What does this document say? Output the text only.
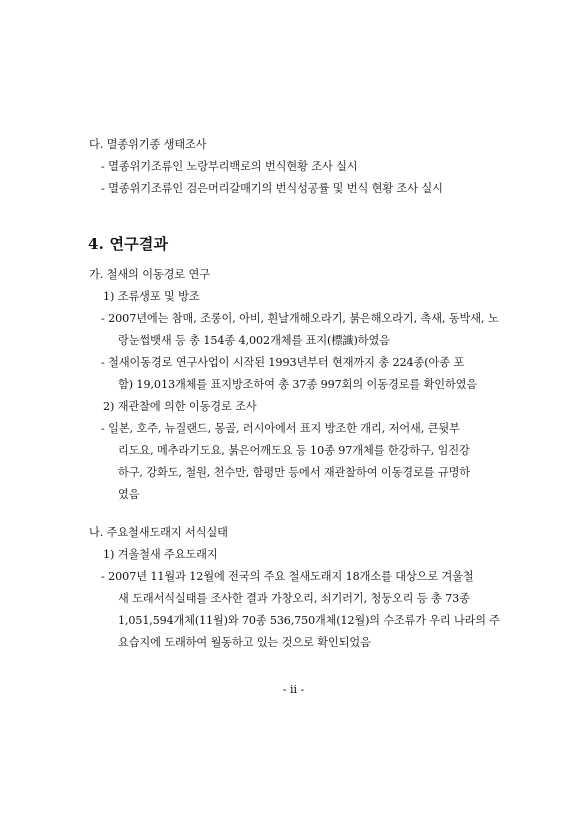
다. 멸종위기종 생태조사
- 멸종위기조류인 노랑부리백로의 번식현황 조사 실시
- 멸종위기조류인 검은머리갈매기의 번식성공률 및 번식 현황 조사 실시
4. 연구결과
가. 철새의 이동경로 연구
1) 조류생포 및 방조
- 2007년에는 참매, 조롱이, 아비, 흰날개해오라기, 붉은해오라기, 촉새, 동박새, 노
랑눈썹뱃새 등 총 154종 4,002개체를 표지(標識)하였음
- 철새이동경로 연구사업이 시작된 1993년부터 현재까지 총 224종(아종 포
함) 19,013개체를 표지방조하여 총 37종 997회의 이동경로를 확인하였음
2) 재관찰에 의한 이동경로 조사
- 일본, 호주, 뉴질랜드, 몽골, 러시아에서 표지 방조한 개리, 저어새, 큰뒷부
리도요, 메추라기도요, 붉은어깨도요 등 10종 97개체를 한강하구, 임진강
하구, 강화도, 철원, 천수만, 함평만 등에서 재관찰하여 이동경로를 규명하
였음
나. 주요철새도래지 서식실태
1) 겨울철새 주요도래지
- 2007년 11월과 12월에 전국의 주요 철새도래지 18개소를 대상으로 겨울철
새 도래서식실태를 조사한 결과 가창오리, 쇠기러기, 청둥오리 등 총 73종
1,051,594개체(11월)와 70종 536,750개체(12월)의 수조류가 우리 나라의 주
요습지에 도래하여 월동하고 있는 것으로 확인되었음
- ii -
